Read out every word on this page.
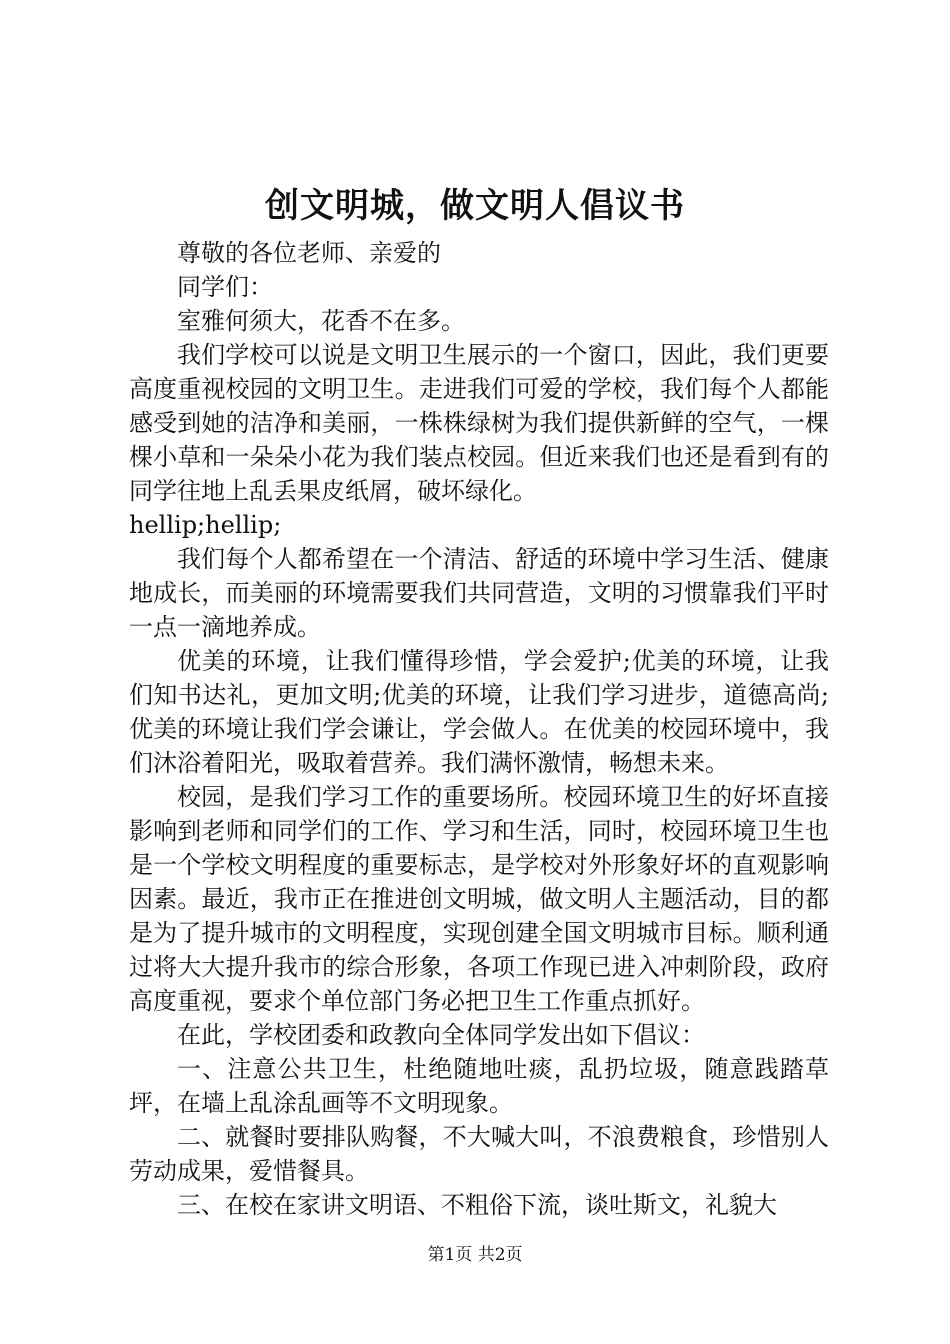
创文明城，做文明人倡议书

尊敬的各位老师、亲爱的

同学们：

室雅何须大，花香不在多。

我们学校可以说是文明卫生展示的一个窗口，因此，我们更要高度重视校园的文明卫生。走进我们可爱的学校，我们每个人都能感受到她的洁净和美丽，一株株绿树为我们提供新鲜的空气，一棵棵小草和一朵朵小花为我们装点校园。但近来我们也还是看到有的同学往地上乱丢果皮纸屑，破坏绿化。

hellip;hellip;

我们每个人都希望在一个清洁、舒适的环境中学习生活、健康地成长，而美丽的环境需要我们共同营造，文明的习惯靠我们平时一点一滴地养成。

优美的环境，让我们懂得珍惜，学会爱护;优美的环境，让我们知书达礼，更加文明;优美的环境，让我们学习进步，道德高尚;优美的环境让我们学会谦让，学会做人。在优美的校园环境中，我们沐浴着阳光，吸取着营养。我们满怀激情，畅想未来。

校园，是我们学习工作的重要场所。校园环境卫生的好坏直接影响到老师和同学们的工作、学习和生活，同时，校园环境卫生也是一个学校文明程度的重要标志，是学校对外形象好坏的直观影响因素。最近，我市正在推进创文明城，做文明人主题活动，目的都是为了提升城市的文明程度，实现创建全国文明城市目标。顺利通过将大大提升我市的综合形象，各项工作现已进入冲刺阶段，政府高度重视，要求个单位部门务必把卫生工作重点抓好。

在此，学校团委和政教向全体同学发出如下倡议：

一、注意公共卫生，杜绝随地吐痰，乱扔垃圾，随意践踏草坪，在墙上乱涂乱画等不文明现象。

二、就餐时要排队购餐，不大喊大叫，不浪费粮食，珍惜别人劳动成果，爱惜餐具。

三、在校在家讲文明语、不粗俗下流，谈吐斯文，礼貌大

第1页 共2页
